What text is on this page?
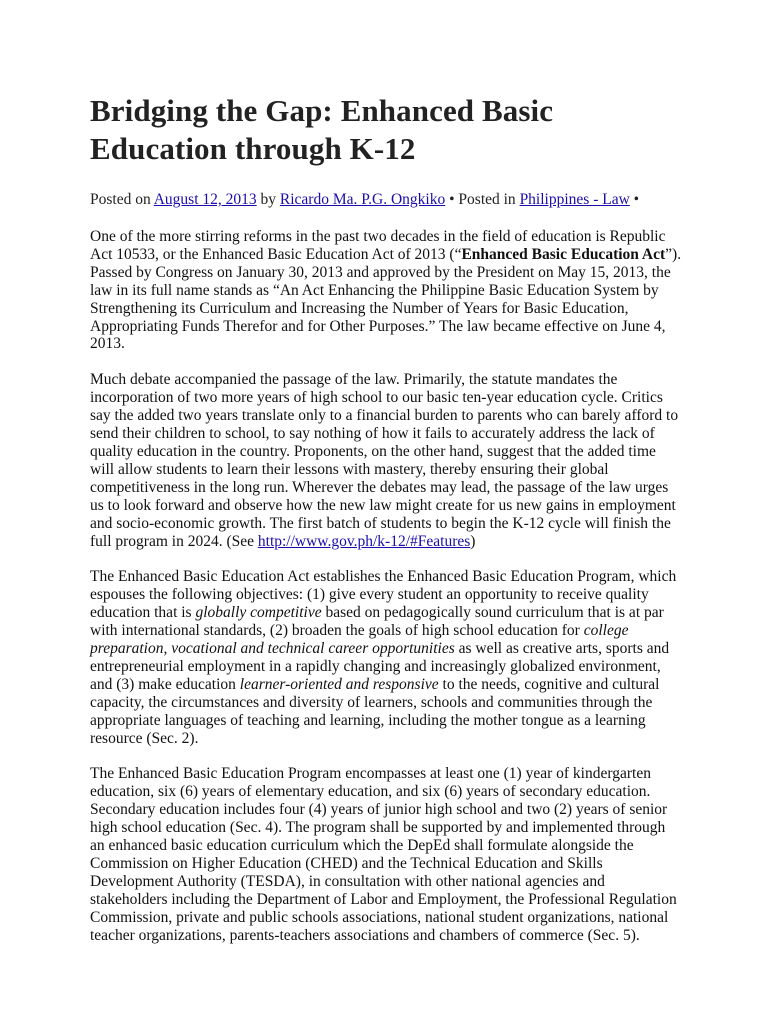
Bridging the Gap: Enhanced Basic Education through K-12
Posted on August 12, 2013 by Ricardo Ma. P.G. Ongkiko • Posted in Philippines - Law •

One of the more stirring reforms in the past two decades in the field of education is Republic Act 10533, or the Enhanced Basic Education Act of 2013 (“Enhanced Basic Education Act”). Passed by Congress on January 30, 2013 and approved by the President on May 15, 2013, the law in its full name stands as “An Act Enhancing the Philippine Basic Education System by Strengthening its Curriculum and Increasing the Number of Years for Basic Education, Appropriating Funds Therefor and for Other Purposes.” The law became effective on June 4, 2013.

Much debate accompanied the passage of the law. Primarily, the statute mandates the incorporation of two more years of high school to our basic ten-year education cycle. Critics say the added two years translate only to a financial burden to parents who can barely afford to send their children to school, to say nothing of how it fails to accurately address the lack of quality education in the country. Proponents, on the other hand, suggest that the added time will allow students to learn their lessons with mastery, thereby ensuring their global competitiveness in the long run. Wherever the debates may lead, the passage of the law urges us to look forward and observe how the new law might create for us new gains in employment and socio-economic growth. The first batch of students to begin the K-12 cycle will finish the full program in 2024. (See http://www.gov.ph/k-12/#Features)

The Enhanced Basic Education Act establishes the Enhanced Basic Education Program, which espouses the following objectives: (1) give every student an opportunity to receive quality education that is globally competitive based on pedagogically sound curriculum that is at par with international standards, (2) broaden the goals of high school education for college preparation, vocational and technical career opportunities as well as creative arts, sports and entrepreneurial employment in a rapidly changing and increasingly globalized environment, and (3) make education learner-oriented and responsive to the needs, cognitive and cultural capacity, the circumstances and diversity of learners, schools and communities through the appropriate languages of teaching and learning, including the mother tongue as a learning resource (Sec. 2).

The Enhanced Basic Education Program encompasses at least one (1) year of kindergarten education, six (6) years of elementary education, and six (6) years of secondary education. Secondary education includes four (4) years of junior high school and two (2) years of senior high school education (Sec. 4). The program shall be supported by and implemented through an enhanced basic education curriculum which the DepEd shall formulate alongside the Commission on Higher Education (CHED) and the Technical Education and Skills Development Authority (TESDA), in consultation with other national agencies and stakeholders including the Department of Labor and Employment, the Professional Regulation Commission, private and public schools associations, national student organizations, national teacher organizations, parents-teachers associations and chambers of commerce (Sec. 5).
